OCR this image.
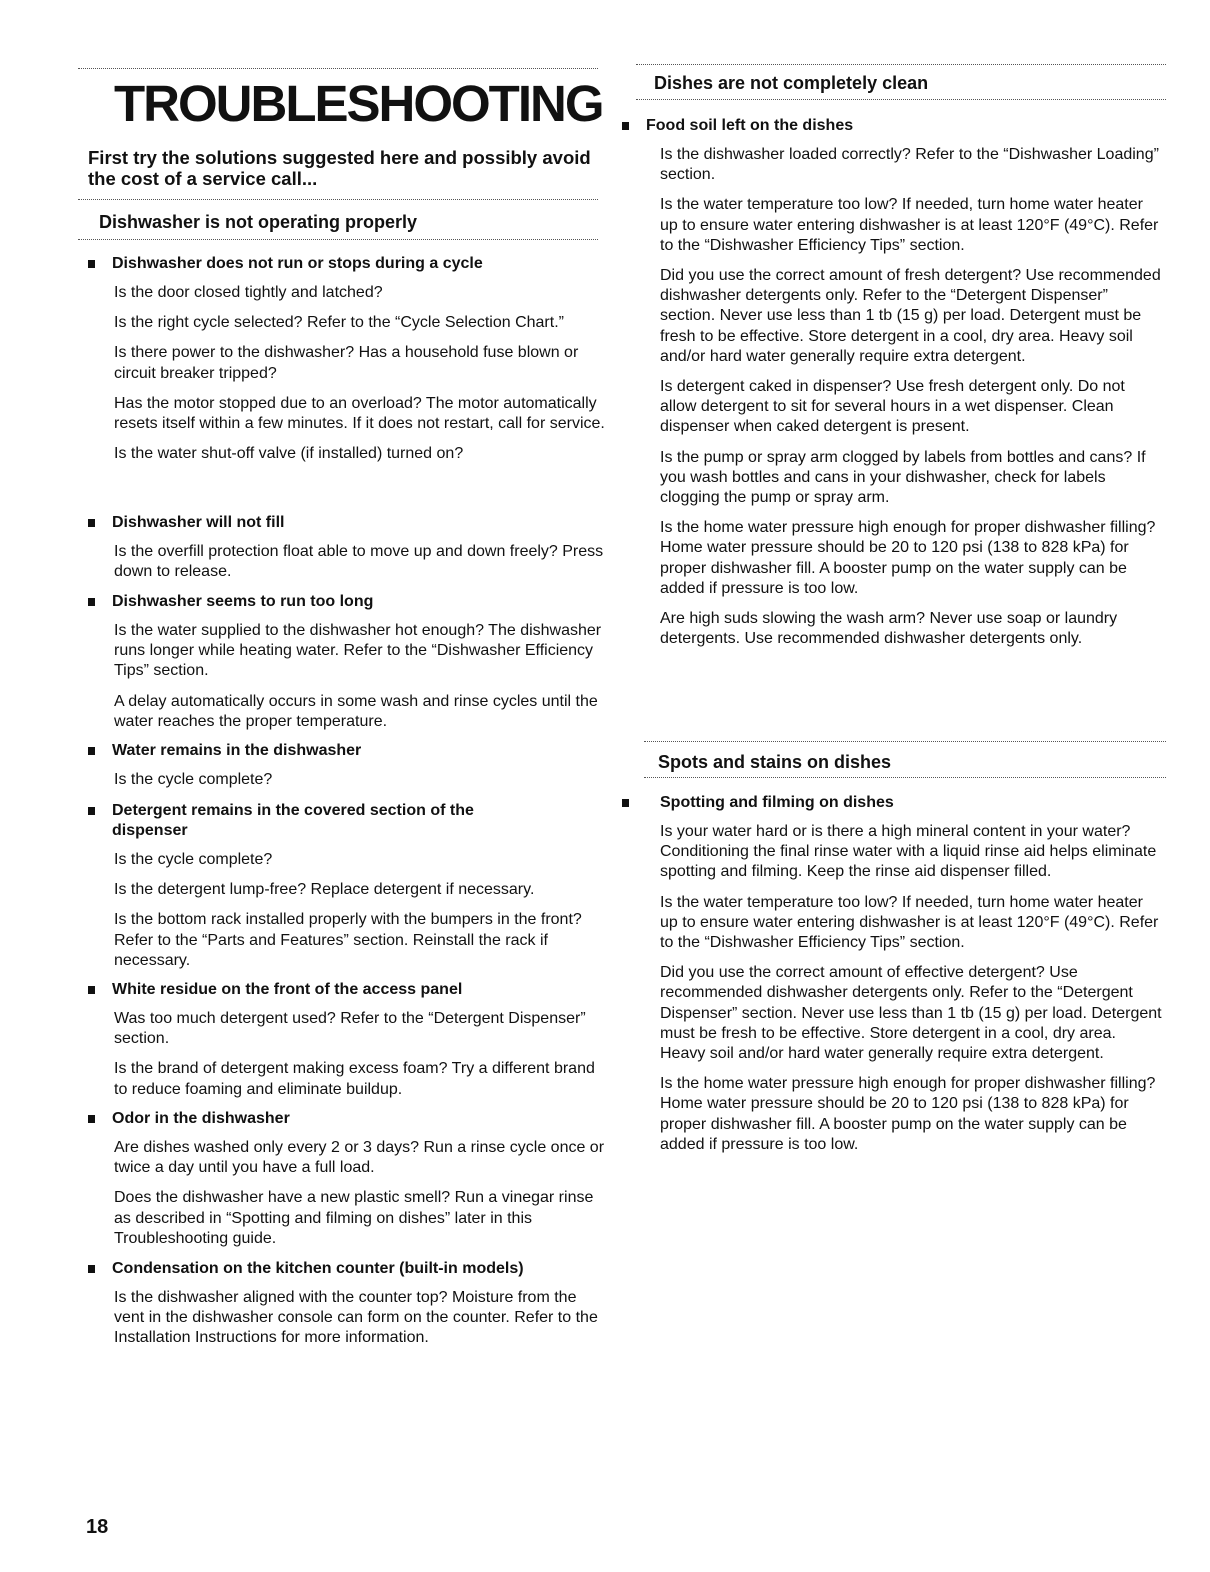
TROUBLESHOOTING

First try the solutions suggested here and possibly avoid the cost of a service call...

Dishwasher is not operating properly
Dishwasher does not run or stops during a cycle

Is the door closed tightly and latched?

Is the right cycle selected? Refer to the “Cycle Selection Chart.”

Is there power to the dishwasher? Has a household fuse blown or circuit breaker tripped?

Has the motor stopped due to an overload? The motor automatically resets itself within a few minutes. If it does not restart, call for service.

Is the water shut-off valve (if installed) turned on?

Dishwasher will not fill

Is the overfill protection float able to move up and down freely? Press down to release.

Dishwasher seems to run too long

Is the water supplied to the dishwasher hot enough? The dishwasher runs longer while heating water. Refer to the “Dishwasher Efficiency Tips” section.

A delay automatically occurs in some wash and rinse cycles until the water reaches the proper temperature.

Water remains in the dishwasher

Is the cycle complete?

Detergent remains in the covered section of the dispenser

Is the cycle complete?

Is the detergent lump-free? Replace detergent if necessary.

Is the bottom rack installed properly with the bumpers in the front? Refer to the “Parts and Features” section. Reinstall the rack if necessary.

White residue on the front of the access panel

Was too much detergent used? Refer to the “Detergent Dispenser” section.

Is the brand of detergent making excess foam? Try a different brand to reduce foaming and eliminate buildup.

Odor in the dishwasher

Are dishes washed only every 2 or 3 days? Run a rinse cycle once or twice a day until you have a full load.

Does the dishwasher have a new plastic smell? Run a vinegar rinse as described in “Spotting and filming on dishes” later in this Troubleshooting guide.

Condensation on the kitchen counter (built-in models)

Is the dishwasher aligned with the counter top? Moisture from the vent in the dishwasher console can form on the counter. Refer to the Installation Instructions for more information.

Dishes are not completely clean
Food soil left on the dishes

Is the dishwasher loaded correctly? Refer to the “Dishwasher Loading” section.

Is the water temperature too low? If needed, turn home water heater up to ensure water entering dishwasher is at least 120°F (49°C). Refer to the “Dishwasher Efficiency Tips” section.

Did you use the correct amount of fresh detergent? Use recommended dishwasher detergents only. Refer to the “Detergent Dispenser” section. Never use less than 1 tb (15 g) per load. Detergent must be fresh to be effective. Store detergent in a cool, dry area. Heavy soil and/or hard water generally require extra detergent.

Is detergent caked in dispenser? Use fresh detergent only. Do not allow detergent to sit for several hours in a wet dispenser. Clean dispenser when caked detergent is present.

Is the pump or spray arm clogged by labels from bottles and cans? If you wash bottles and cans in your dishwasher, check for labels clogging the pump or spray arm.

Is the home water pressure high enough for proper dishwasher filling? Home water pressure should be 20 to 120 psi (138 to 828 kPa) for proper dishwasher fill. A booster pump on the water supply can be added if pressure is too low.

Are high suds slowing the wash arm? Never use soap or laundry detergents. Use recommended dishwasher detergents only.

Spots and stains on dishes
Spotting and filming on dishes

Is your water hard or is there a high mineral content in your water? Conditioning the final rinse water with a liquid rinse aid helps eliminate spotting and filming. Keep the rinse aid dispenser filled.

Is the water temperature too low? If needed, turn home water heater up to ensure water entering dishwasher is at least 120°F (49°C). Refer to the “Dishwasher Efficiency Tips” section.

Did you use the correct amount of effective detergent? Use recommended dishwasher detergents only. Refer to the “Detergent Dispenser” section. Never use less than 1 tb (15 g) per load. Detergent must be fresh to be effective. Store detergent in a cool, dry area. Heavy soil and/or hard water generally require extra detergent.

Is the home water pressure high enough for proper dishwasher filling? Home water pressure should be 20 to 120 psi (138 to 828 kPa) for proper dishwasher fill. A booster pump on the water supply can be added if pressure is too low.

18
